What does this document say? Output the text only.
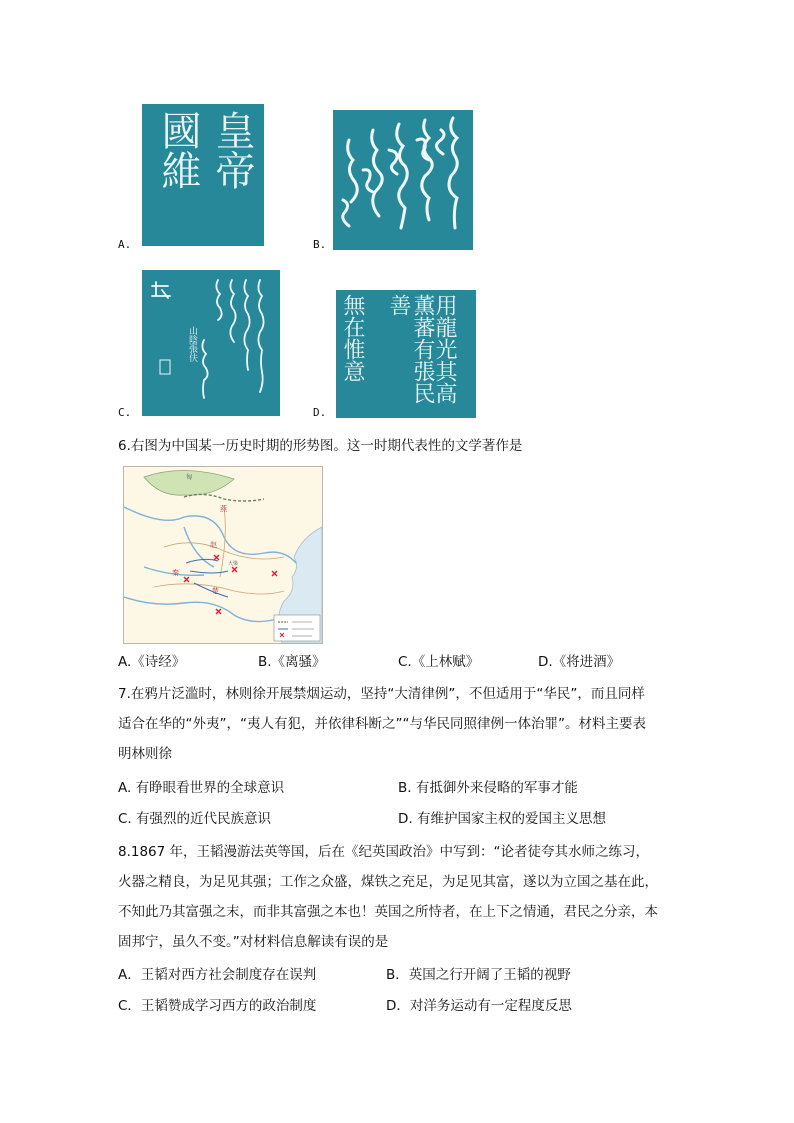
A.
皇帝
國維
B.
C.
山陰張伕
D.
用龍光其高
薫蕃有張民善
無在惟意
6.右图为中国某一历史时期的形势图。这一时期代表性的文学著作是
燕
赵
秦
楚
匈
大梁
A.《诗经》	B.《离骚》	C.《上林赋》	D.《将进酒》
7.在鸦片泛滥时，林则徐开展禁烟运动，坚持“大清律例”，不但适用于“华民”，而且同样
适合在华的“外夷”，“夷人有犯，并依律科断之”“与华民同照律例一体治罪”。材料主要表
明林则徐
A. 有睁眼看世界的全球意识	B. 有抵御外来侵略的军事才能
C. 有强烈的近代民族意识	D. 有维护国家主权的爱国主义思想
8.1867 年，王韬漫游法英等国，后在《纪英国政治》中写到：“论者徒夸其水师之练习，
火器之精良，为足见其强；工作之众盛，煤铁之充足，为足见其富，遂以为立国之基在此，
不知此乃其富强之末，而非其富强之本也！英国之所恃者，在上下之情通，君民之分亲，本
固邦宁，虽久不变。”对材料信息解读有误的是
A．王韬对西方社会制度存在误判	B．英国之行开阔了王韬的视野
C．王韬赞成学习西方的政治制度	D．对洋务运动有一定程度反思
